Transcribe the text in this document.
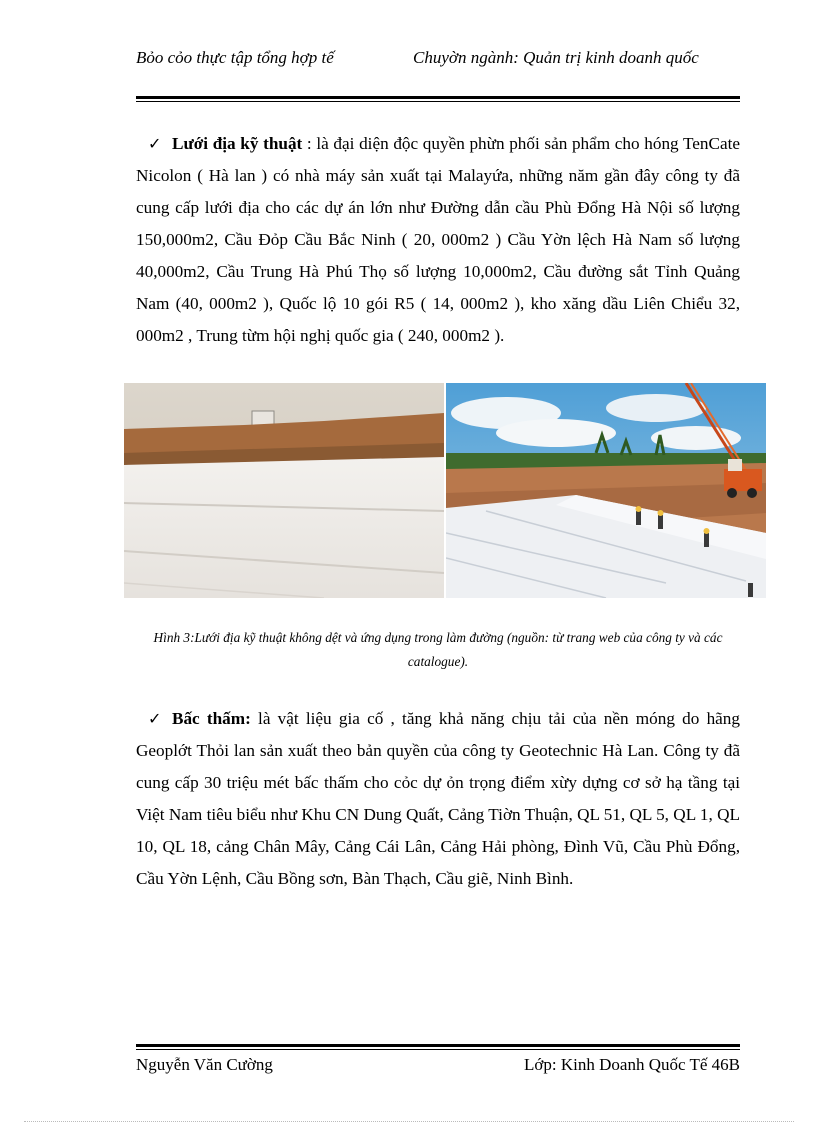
Bỏo cỏo thực tập tổng hợp tế	Chuyờn ngành: Quản trị kinh doanh quốc
✓ Lưới địa kỹ thuật : là đại diện độc quyền phừn phối sản phẩm cho hóng TenCate Nicolon ( Hà lan ) có nhà máy sản xuất tại Malayứa, những năm gần đây công ty đã cung cấp lưới địa cho các dự án lớn như Đường dẫn cầu Phù Đổng Hà Nội số lượng 150,000m2, Cầu Đỏp Cầu Bắc Ninh ( 20, 000m2 ) Cầu Yờn lệch Hà Nam số lượng 40,000m2, Cầu Trung Hà Phú Thọ số lượng 10,000m2, Cầu đường sắt Tỉnh Quảng Nam (40, 000m2 ), Quốc lộ 10 gói R5 ( 14, 000m2 ), kho xăng dầu Liên Chiểu 32, 000m2 , Trung từm hội nghị quốc gia ( 240, 000m2 ).
Hình 3:Lưới địa kỹ thuật không dệt và ứng dụng trong làm đường (nguồn: từ trang web của công ty và các catalogue).
✓ Bấc thấm: là vật liệu gia cố , tăng khả năng chịu tải của nền móng do hãng Geoplớt Thỏi lan sản xuất theo bản quyền của công ty Geotechnic Hà Lan. Công ty đã cung cấp 30 triệu mét bấc thấm cho cỏc dự ỏn trọng điểm xừy dựng cơ sở hạ tầng tại Việt Nam tiêu biểu như Khu CN Dung Quất, Cảng Tiờn Thuận, QL 51, QL 5, QL 1, QL 10, QL 18, cảng Chân Mây, Cảng Cái Lân, Cảng Hải phòng, Đình Vũ, Cầu Phù Đổng, Cầu Yờn Lệnh, Cầu Bồng sơn, Bàn Thạch, Cầu giẽ, Ninh Bình.
Nguyễn Văn Cường	Lớp: Kinh Doanh Quốc Tế 46B
